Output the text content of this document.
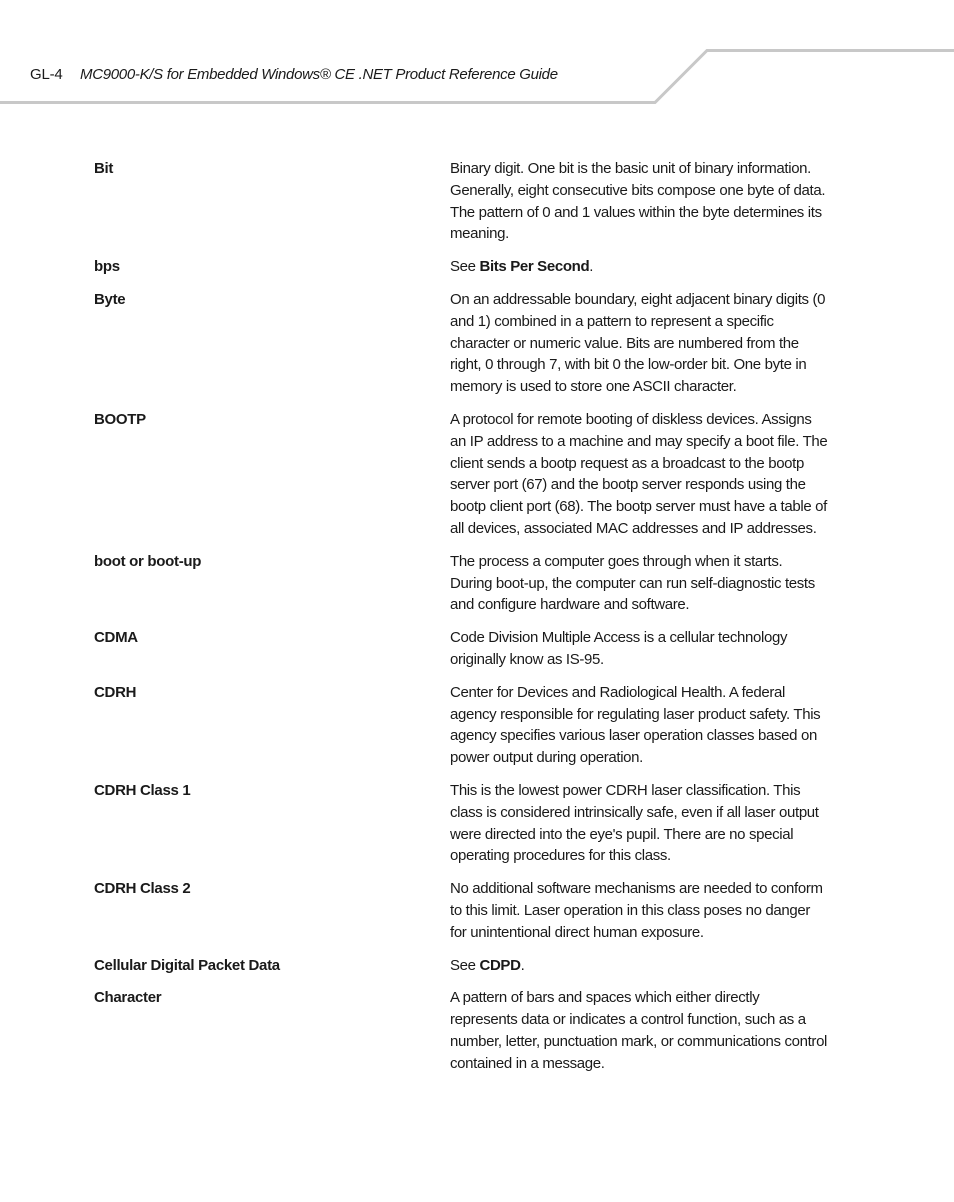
GL-4 MC9000-K/S for Embedded Windows® CE .NET Product Reference Guide
Bit	Binary digit. One bit is the basic unit of binary information. Generally, eight consecutive bits compose one byte of data. The pattern of 0 and 1 values within the byte determines its meaning.
bps	See Bits Per Second.
Byte	On an addressable boundary, eight adjacent binary digits (0 and 1) combined in a pattern to represent a specific character or numeric value. Bits are numbered from the right, 0 through 7, with bit 0 the low-order bit. One byte in memory is used to store one ASCII character.
BOOTP	A protocol for remote booting of diskless devices. Assigns an IP address to a machine and may specify a boot file. The client sends a bootp request as a broadcast to the bootp server port (67) and the bootp server responds using the bootp client port (68). The bootp server must have a table of all devices, associated MAC addresses and IP addresses.
boot or boot-up	The process a computer goes through when it starts. During boot-up, the computer can run self-diagnostic tests and configure hardware and software.
CDMA	Code Division Multiple Access is a cellular technology originally know as IS-95.
CDRH	Center for Devices and Radiological Health. A federal agency responsible for regulating laser product safety. This agency specifies various laser operation classes based on power output during operation.
CDRH Class 1	This is the lowest power CDRH laser classification. This class is considered intrinsically safe, even if all laser output were directed into the eye's pupil. There are no special operating procedures for this class.
CDRH Class 2	No additional software mechanisms are needed to conform to this limit. Laser operation in this class poses no danger for unintentional direct human exposure.
Cellular Digital Packet Data	See CDPD.
Character	A pattern of bars and spaces which either directly represents data or indicates a control function, such as a number, letter, punctuation mark, or communications control contained in a message.
